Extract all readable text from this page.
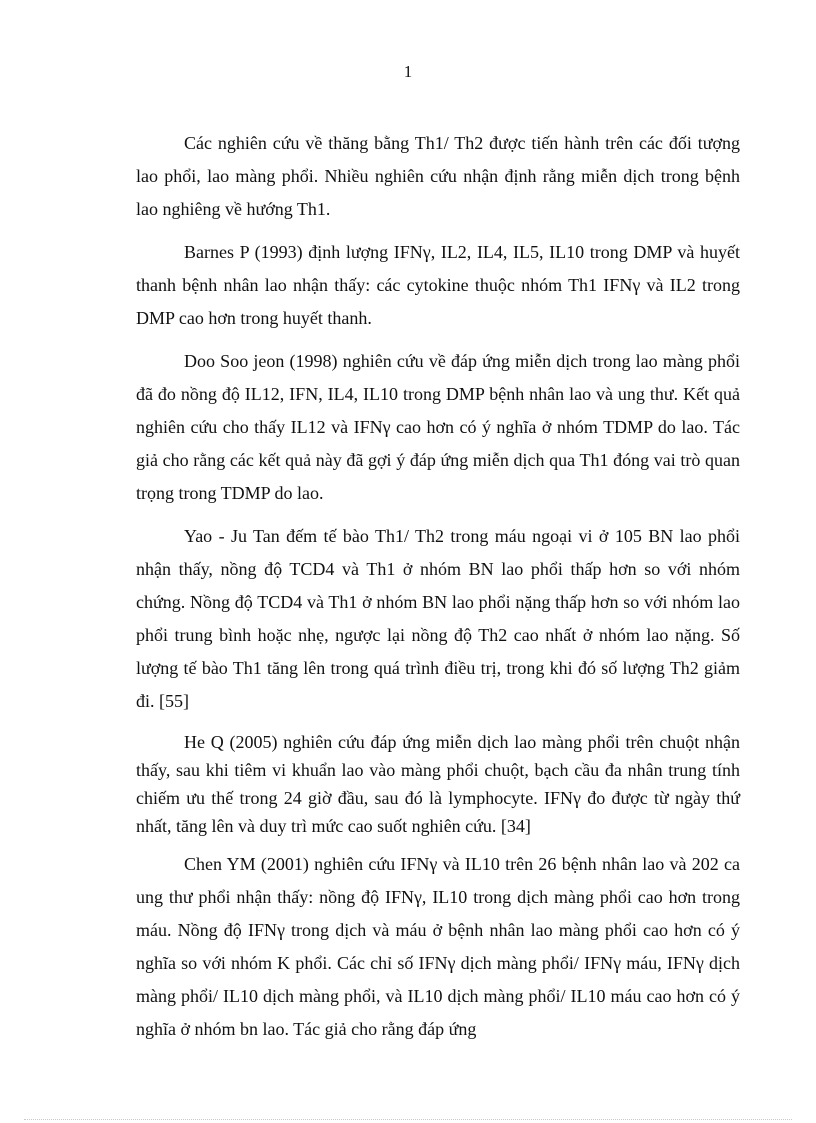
1

Các nghiên cứu về thăng bằng Th1/ Th2 được tiến hành trên các đối tượng lao phổi, lao màng phổi. Nhiều nghiên cứu nhận định rằng miễn dịch trong bệnh lao nghiêng về hướng Th1.

Barnes P (1993) định lượng IFNγ, IL2, IL4, IL5, IL10 trong DMP và huyết thanh bệnh nhân lao nhận thấy: các cytokine thuộc nhóm Th1 IFNγ và IL2 trong DMP cao hơn trong huyết thanh.

Doo Soo jeon (1998) nghiên cứu về đáp ứng miễn dịch trong lao màng phổi đã đo nồng độ IL12, IFN, IL4, IL10 trong DMP bệnh nhân lao và ung thư. Kết quả nghiên cứu cho thấy IL12 và IFNγ cao hơn có ý nghĩa ở nhóm TDMP do lao. Tác giả cho rằng các kết quả này đã gợi ý đáp ứng miễn dịch qua Th1 đóng vai trò quan trọng trong TDMP do lao.

Yao - Ju Tan đếm tế bào Th1/ Th2 trong máu ngoại vi ở 105 BN lao phổi nhận thấy, nồng độ TCD4 và Th1 ở nhóm BN lao phổi thấp hơn so với nhóm chứng. Nồng độ TCD4 và Th1 ở nhóm BN lao phổi nặng thấp hơn so với nhóm lao phổi trung bình hoặc nhẹ, ngược lại nồng độ Th2 cao nhất ở nhóm lao nặng. Số lượng tế bào Th1 tăng lên trong quá trình điều trị, trong khi đó số lượng Th2 giảm đi. [55]

He Q (2005) nghiên cứu đáp ứng miễn dịch lao màng phổi trên chuột nhận thấy, sau khi tiêm vi khuẩn lao vào màng phổi chuột, bạch cầu đa nhân trung tính chiếm ưu thế trong 24 giờ đầu, sau đó là lymphocyte. IFNγ đo được từ ngày thứ nhất, tăng lên và duy trì mức cao suốt nghiên cứu. [34]

Chen YM (2001) nghiên cứu IFNγ và IL10 trên 26 bệnh nhân lao và 202 ca ung thư phổi nhận thấy: nồng độ IFNγ, IL10 trong dịch màng phổi cao hơn trong máu. Nồng độ IFNγ trong dịch và máu ở bệnh nhân lao màng phổi cao hơn có ý nghĩa so với nhóm K phổi. Các chỉ số IFNγ dịch màng phổi/ IFNγ máu, IFNγ dịch màng phổi/ IL10 dịch màng phổi, và IL10 dịch màng phổi/ IL10 máu cao hơn có ý nghĩa ở nhóm bn lao. Tác giả cho rằng đáp ứng
